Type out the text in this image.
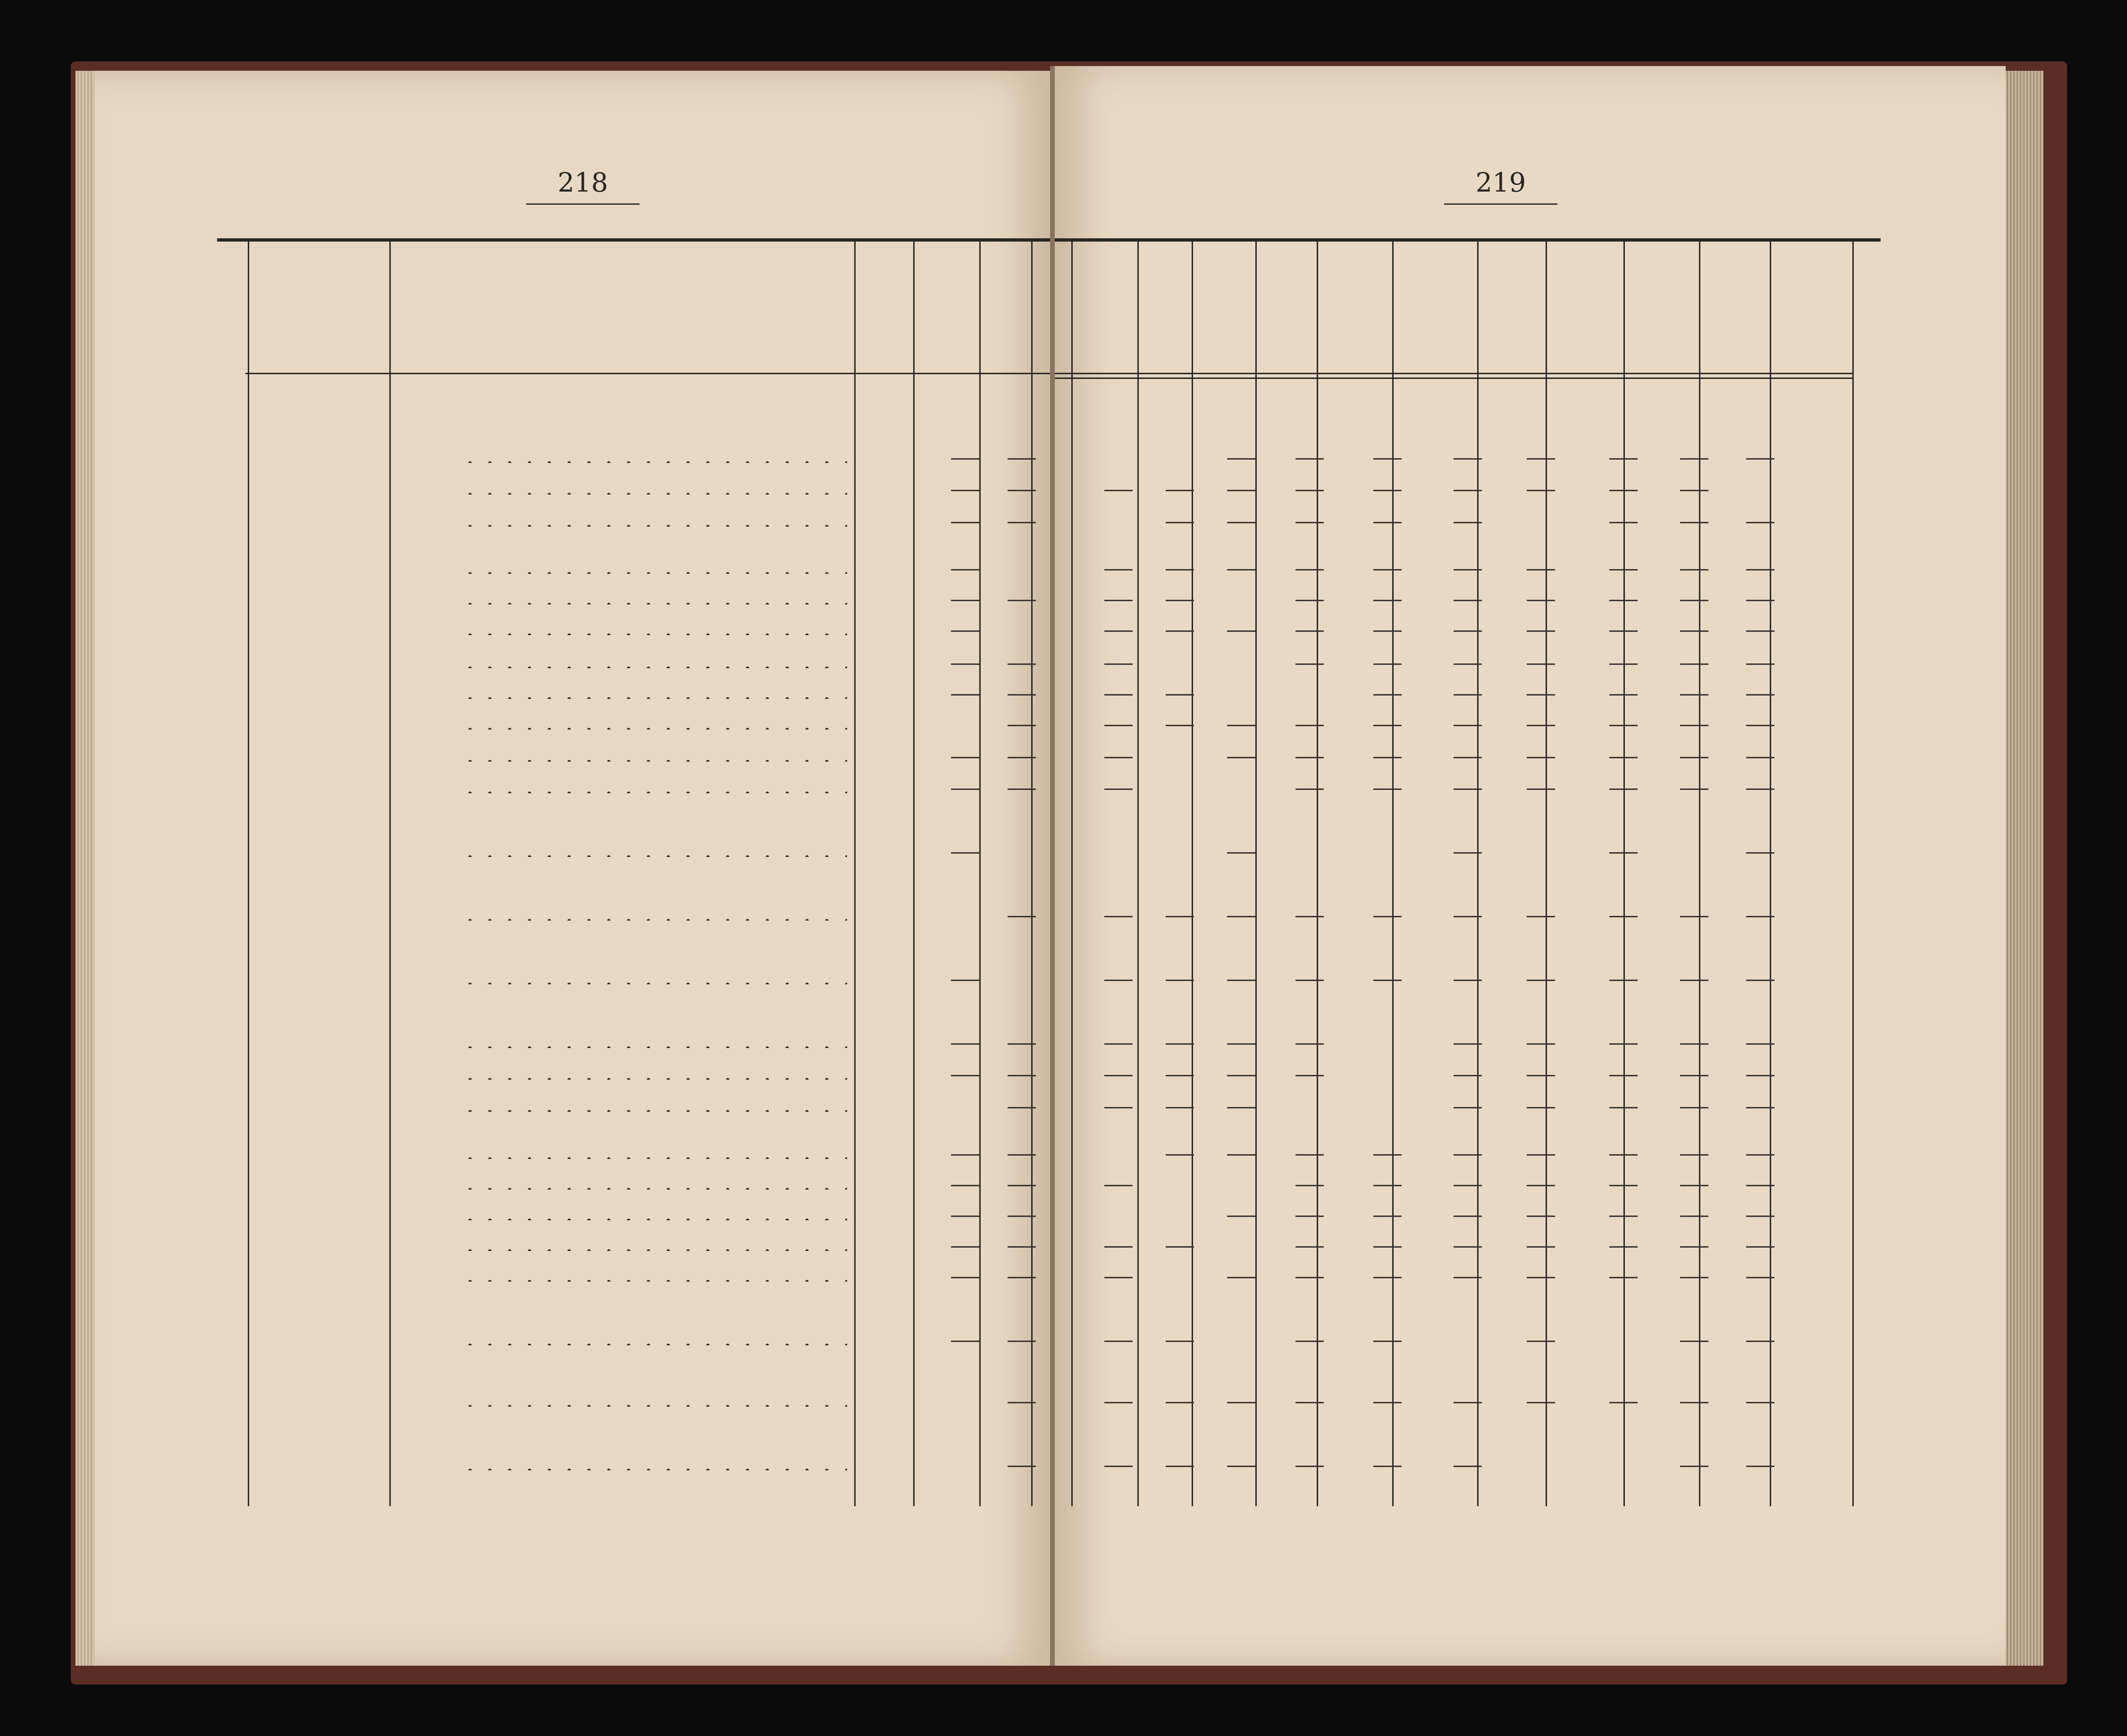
218	219
